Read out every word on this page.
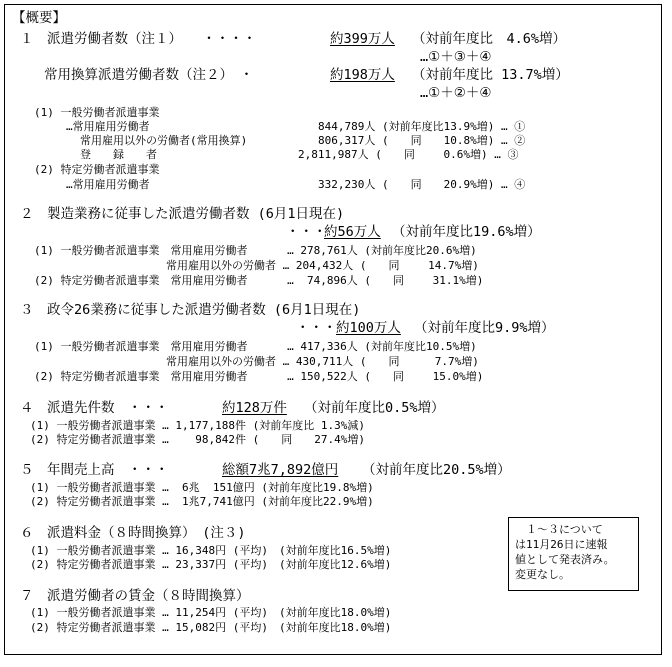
【概要】
１　派遣労働者数（注１）　　・・・・　	約399万人 （対前年度比　4.6%増）
…①＋③＋④
常用換算派遣労働者数（注２）　・　	約198万人 （対前年度比 13.7%増）
…①＋②＋④
(1) 一般労働者派遣事業
…常用雇用労働者	844,789人 (対前年度比13.9%増) … ①
常用雇用以外の労働者(常用換算)	806,317人 (　　同　　10.8%増) … ②
登　　録　　者	2,811,987人 (　　同　　 0.6%増) … ③
(2) 特定労働者派遣事業
…常用雇用労働者	332,230人 (　　同　　20.9%増) … ④
２　製造業務に従事した派遣労働者数 (6月1日現在)
・・・
約56万人 （対前年度比19.6%増）
(1) 一般労働者派遣事業　常用雇用労働者　　　 … 278,761人 (対前年度比20.6%増)
　　　　　　　　　　　　常用雇用以外の労働者 … 204,432人 (　　同　　 14.7%増)
(2) 特定労働者派遣事業　常用雇用労働者　　　 …  74,896人 (　　同　　 31.1%増)
３　政令26業務に従事した派遣労働者数 (6月1日現在)
・・・ 約100万人 （対前年度比9.9%増）
(1) 一般労働者派遣事業　常用雇用労働者　　　 … 417,336人 (対前年度比10.5%増)
　　　　　　　　　　　　常用雇用以外の労働者 … 430,711人 (　　同　　  7.7%増)
(2) 特定労働者派遣事業　常用雇用労働者　　　 … 150,522人 (　　同　　 15.0%増)
４　派遣先件数　・・・　	約128万件 （対前年度比0.5%増）
(1) 一般労働者派遣事業 … 1,177,188件 (対前年度比 1.3%減)
(2) 特定労働者派遣事業 …    98,842件 (　　同　　27.4%増)
５　年間売上高　・・・　	総額7兆7,892億円 （対前年度比20.5%増）
(1) 一般労働者派遣事業 …  6兆  151億円 (対前年度比19.8%増)
(2) 特定労働者派遣事業 …  1兆7,741億円 (対前年度比22.9%増)
６　派遣料金（８時間換算）　(注３)
(1) 一般労働者派遣事業 … 16,348円 (平均)　(対前年度比16.5%増)
(2) 特定労働者派遣事業 … 23,337円 (平均)　(対前年度比12.6%増)
７　派遣労働者の賃金（８時間換算）
(1) 一般労働者派遣事業 … 11,254円 (平均)　(対前年度比18.0%増)
(2) 特定労働者派遣事業 … 15,082円 (平均)　(対前年度比18.0%増)
　１～３について
は11月26日に速報
値として発表済み。
変更なし。
